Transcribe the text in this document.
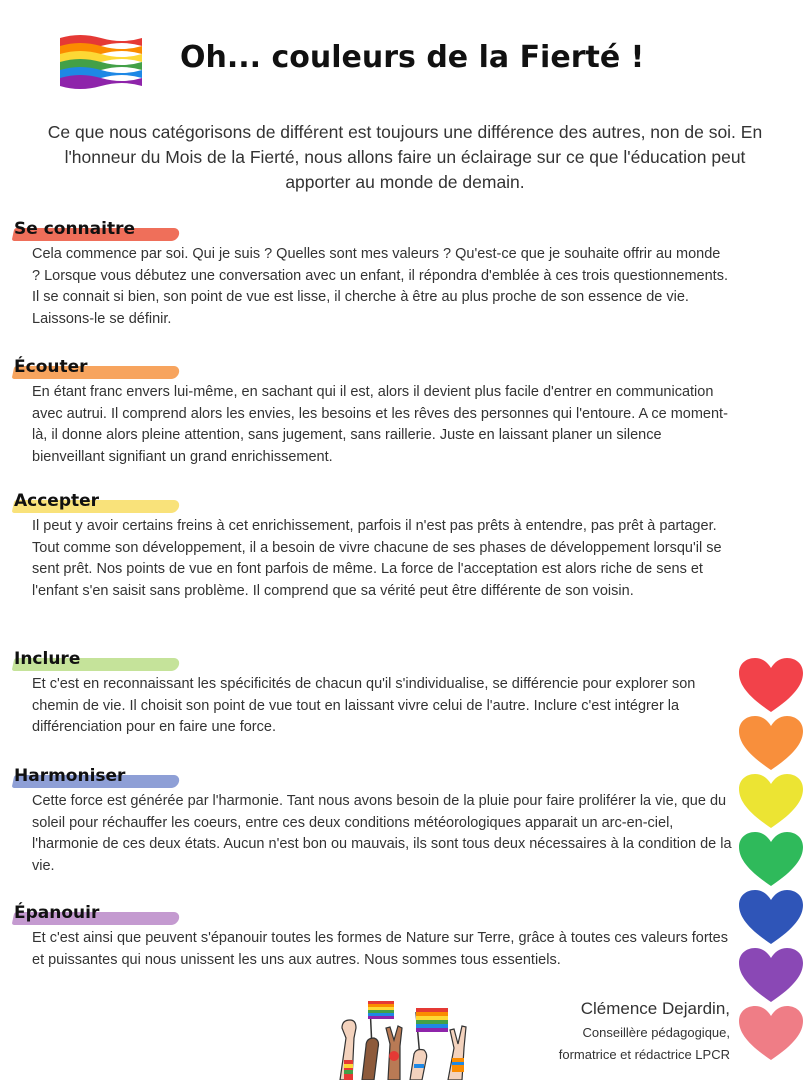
Oh... couleurs de la Fierté !
Ce que nous catégorisons de différent est toujours une différence des autres, non de soi. En l'honneur du Mois de la Fierté, nous allons faire un éclairage sur ce que l'éducation peut apporter au monde de demain.
Se connaitre
Cela commence par soi. Qui je suis ? Quelles sont mes valeurs ? Qu'est-ce que je souhaite offrir au monde ? Lorsque vous débutez une conversation avec un enfant, il répondra d'emblée à ces trois questionnements. Il se connait si bien, son point de vue est lisse, il cherche à être au plus proche de son essence de vie. Laissons-le se définir.
Écouter
En étant franc envers lui-même, en sachant qui il est, alors il devient plus facile d'entrer en communication avec autrui. Il comprend alors les envies, les besoins et les rêves des personnes qui l'entoure. A ce moment-là, il donne alors pleine attention, sans jugement, sans raillerie. Juste en laissant planer un silence bienveillant signifiant un grand enrichissement.
Accepter
Il peut y avoir certains freins à cet enrichissement, parfois il n'est pas prêts à entendre, pas prêt à partager. Tout comme son développement, il a besoin de vivre chacune de ses phases de développement lorsqu'il se sent prêt. Nos points de vue en font parfois de même. La force de l'acceptation est alors riche de sens et l'enfant s'en saisit sans problème. Il comprend que sa vérité peut être différente de son voisin.
Inclure
Et c'est en reconnaissant les spécificités de chacun qu'il s'individualise, se différencie pour explorer son chemin de vie. Il choisit son point de vue tout en laissant vivre celui de l'autre. Inclure c'est intégrer la différenciation pour en faire une force.
Harmoniser
Cette force est générée par l'harmonie. Tant nous avons besoin de la pluie pour faire proliférer la vie, que du soleil pour réchauffer les coeurs, entre ces deux conditions météorologiques apparait un arc-en-ciel, l'harmonie de ces deux états. Aucun n'est bon ou mauvais, ils sont tous deux nécessaires à la condition de la vie.
Épanouir
Et c'est ainsi que peuvent s'épanouir toutes les formes de Nature sur Terre, grâce à toutes ces valeurs fortes et puissantes qui nous unissent les uns aux autres. Nous sommes tous essentiels.
Clémence Dejardin,
Conseillère pédagogique,
formatrice et rédactrice LPCR
